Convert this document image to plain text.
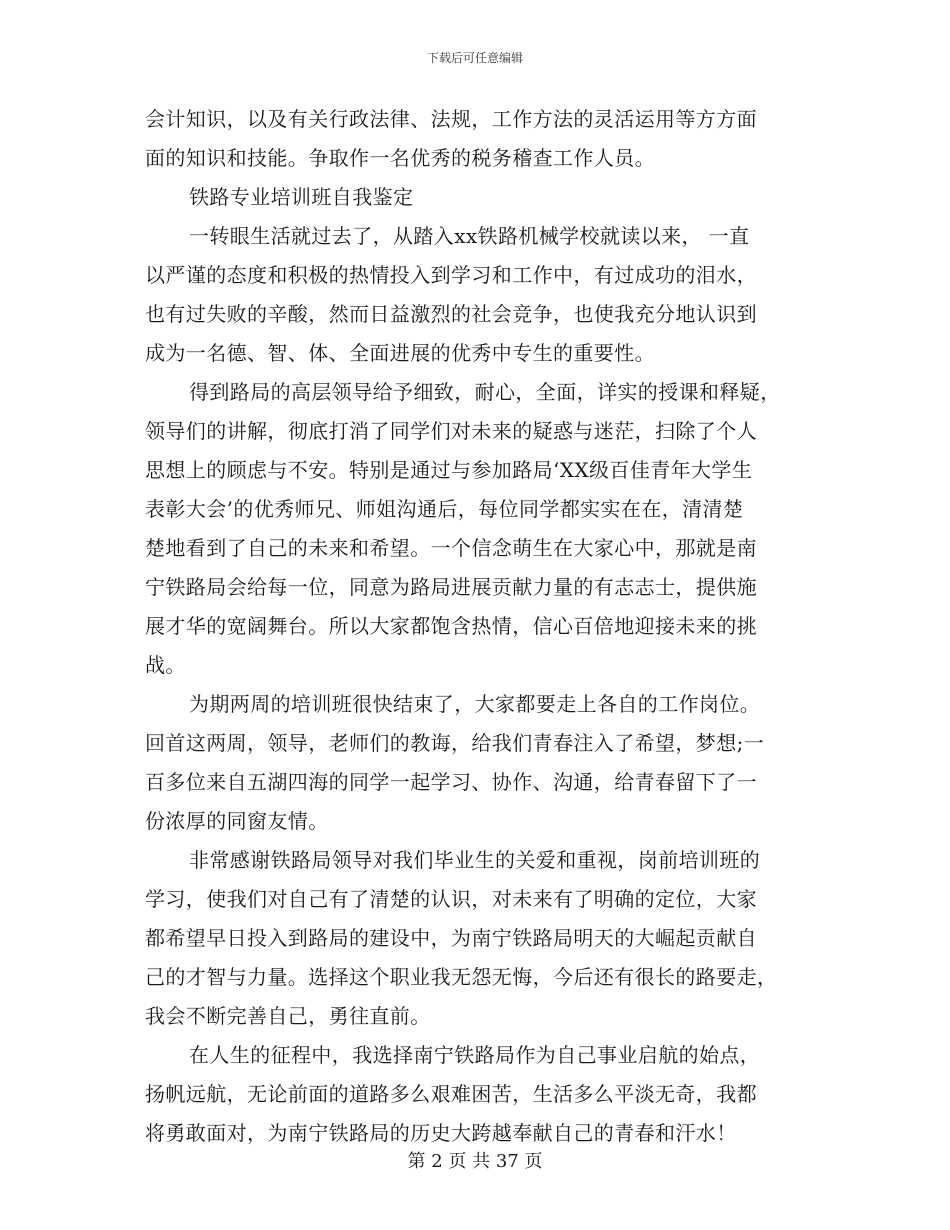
下载后可任意编辑
会计知识，以及有关行政法律、法规，工作方法的灵活运用等方方面
面的知识和技能。争取作一名优秀的税务稽查工作人员。
铁路专业培训班自我鉴定
一转眼生活就过去了，从踏入xx铁路机械学校就读以来， 一直
以严谨的态度和积极的热情投入到学习和工作中，有过成功的泪水，
也有过失败的辛酸，然而日益激烈的社会竞争，也使我充分地认识到
成为一名德、智、体、全面进展的优秀中专生的重要性。
得到路局的高层领导给予细致，耐心，全面，详实的授课和释疑，
领导们的讲解，彻底打消了同学们对未来的疑惑与迷茫，扫除了个人
思想上的顾虑与不安。特别是通过与参加路局‘XX级百佳青年大学生
表彰大会’的优秀师兄、师姐沟通后，每位同学都实实在在，清清楚
楚地看到了自己的未来和希望。一个信念萌生在大家心中，那就是南
宁铁路局会给每一位，同意为路局进展贡献力量的有志志士，提供施
展才华的宽阔舞台。所以大家都饱含热情，信心百倍地迎接未来的挑
战。
为期两周的培训班很快结束了，大家都要走上各自的工作岗位。
回首这两周，领导，老师们的教诲，给我们青春注入了希望，梦想;一
百多位来自五湖四海的同学一起学习、协作、沟通，给青春留下了一
份浓厚的同窗友情。
非常感谢铁路局领导对我们毕业生的关爱和重视，岗前培训班的
学习，使我们对自己有了清楚的认识，对未来有了明确的定位，大家
都希望早日投入到路局的建设中，为南宁铁路局明天的大崛起贡献自
己的才智与力量。选择这个职业我无怨无悔，今后还有很长的路要走，
我会不断完善自己，勇往直前。
在人生的征程中，我选择南宁铁路局作为自己事业启航的始点，
扬帆远航，无论前面的道路多么艰难困苦，生活多么平淡无奇，我都
将勇敢面对，为南宁铁路局的历史大跨越奉献自己的青春和汗水！
第 2 页 共 37 页
